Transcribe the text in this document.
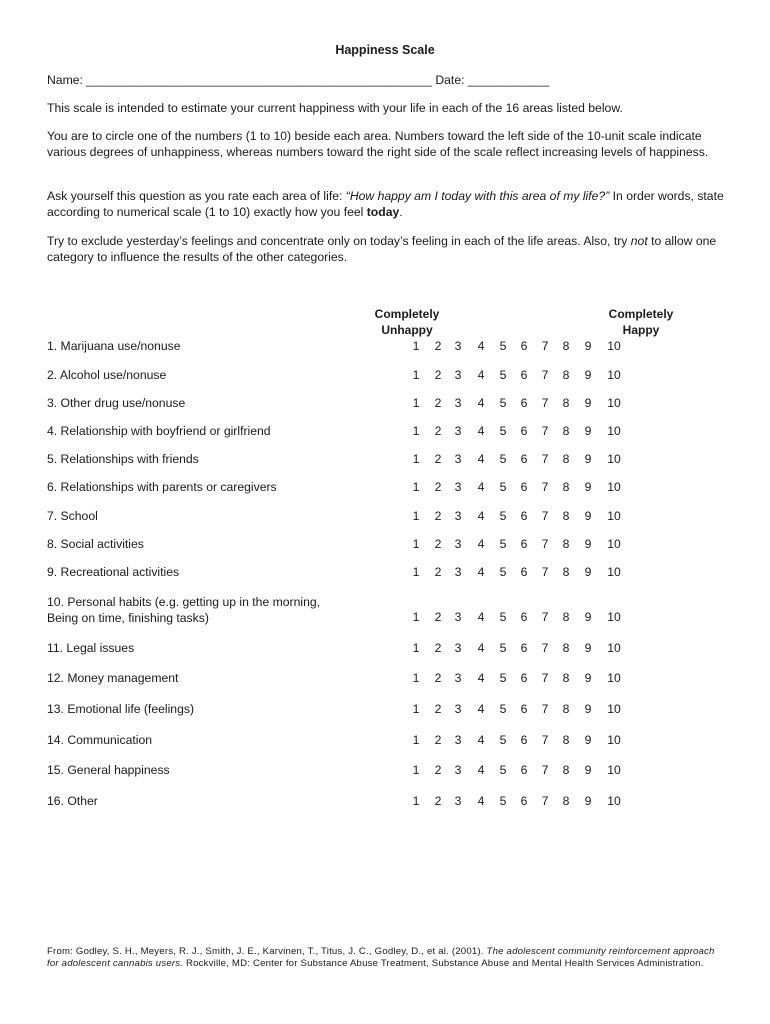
Happiness Scale
Name: ___________________________________________________ Date: ____________
This scale is intended to estimate your current happiness with your life in each of the 16 areas listed below.
You are to circle one of the numbers (1 to 10) beside each area. Numbers toward the left side of the 10-unit scale indicate various degrees of unhappiness, whereas numbers toward the right side of the scale reflect increasing levels of happiness.
Ask yourself this question as you rate each area of life: “How happy am I today with this area of my life?” In order words, state according to numerical scale (1 to 10) exactly how you feel today.
Try to exclude yesterday’s feelings and concentrate only on today’s feeling in each of the life areas. Also, try not to allow one category to influence the results of the other categories.
Completely
Unhappy
Completely
Happy
1. Marijuana use/nonuse	1 2 3 4 5 6 7 8 9 10
2. Alcohol use/nonuse	1 2 3 4 5 6 7 8 9 10
3. Other drug use/nonuse	1 2 3 4 5 6 7 8 9 10
4. Relationship with boyfriend or girlfriend	1 2 3 4 5 6 7 8 9 10
5. Relationships with friends	1 2 3 4 5 6 7 8 9 10
6. Relationships with parents or caregivers	1 2 3 4 5 6 7 8 9 10
7. School	1 2 3 4 5 6 7 8 9 10
8. Social activities	1 2 3 4 5 6 7 8 9 10
9. Recreational activities	1 2 3 4 5 6 7 8 9 10
10. Personal habits (e.g. getting up in the morning,
Being on time, finishing tasks)	1 2 3 4 5 6 7 8 9 10
11. Legal issues	1 2 3 4 5 6 7 8 9 10
12. Money management	1 2 3 4 5 6 7 8 9 10
13. Emotional life (feelings)	1 2 3 4 5 6 7 8 9 10
14. Communication	1 2 3 4 5 6 7 8 9 10
15. General happiness	1 2 3 4 5 6 7 8 9 10
16. Other	1 2 3 4 5 6 7 8 9 10
From: Godley, S. H., Meyers, R. J., Smith, J. E., Karvinen, T., Titus, J. C., Godley, D., et al. (2001). The adolescent community reinforcement approach for adolescent cannabis users. Rockville, MD: Center for Substance Abuse Treatment, Substance Abuse and Mental Health Services Administration.
